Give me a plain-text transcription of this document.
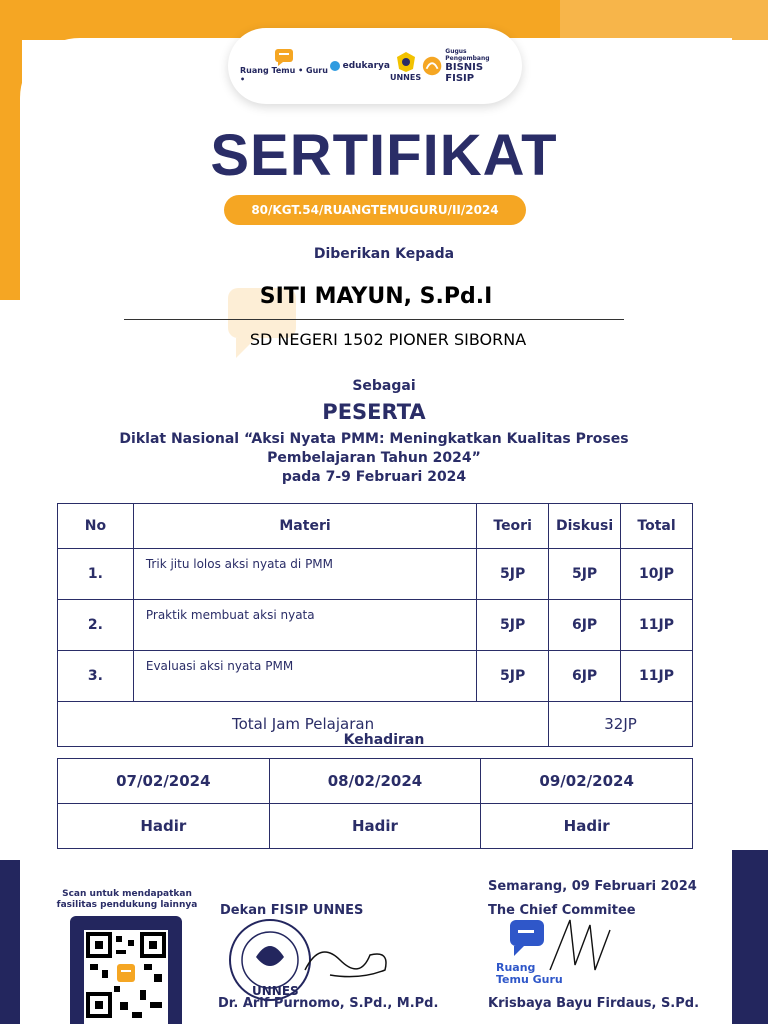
Ruang Temu • Guru •
edukarya
UNNES
Gugus Pengembang
BISNIS FISIP
SERTIFIKAT
80/KGT.54/RUANGTEMUGURU/II/2024
Diberikan Kepada
SITI MAYUN, S.Pd.I
SD NEGERI 1502 PIONER SIBORNA
Sebagai
PESERTA
Diklat Nasional “Aksi Nyata PMM: Meningkatkan Kualitas Proses
Pembelajaran Tahun 2024”
pada 7-9 Februari 2024
No	Materi	Teori	Diskusi	Total
1.	Trik jitu lolos aksi nyata di PMM	5JP	5JP	10JP
2.	Praktik membuat aksi nyata	5JP	6JP	11JP
3.	Evaluasi aksi nyata PMM	5JP	6JP	11JP
Total Jam Pelajaran			32JP	
Kehadiran
07/02/2024	08/02/2024	09/02/2024
Hadir	Hadir	Hadir
Scan untuk mendapatkan fasilitas pendukung lainnya	Dekan FISIP UNNES
UNNES
Dr. Arif Purnomo, S.Pd., M.Pd.
Semarang, 09 Februari 2024
The Chief Commitee
Ruang Temu Guru
Krisbaya Bayu Firdaus, S.Pd.
